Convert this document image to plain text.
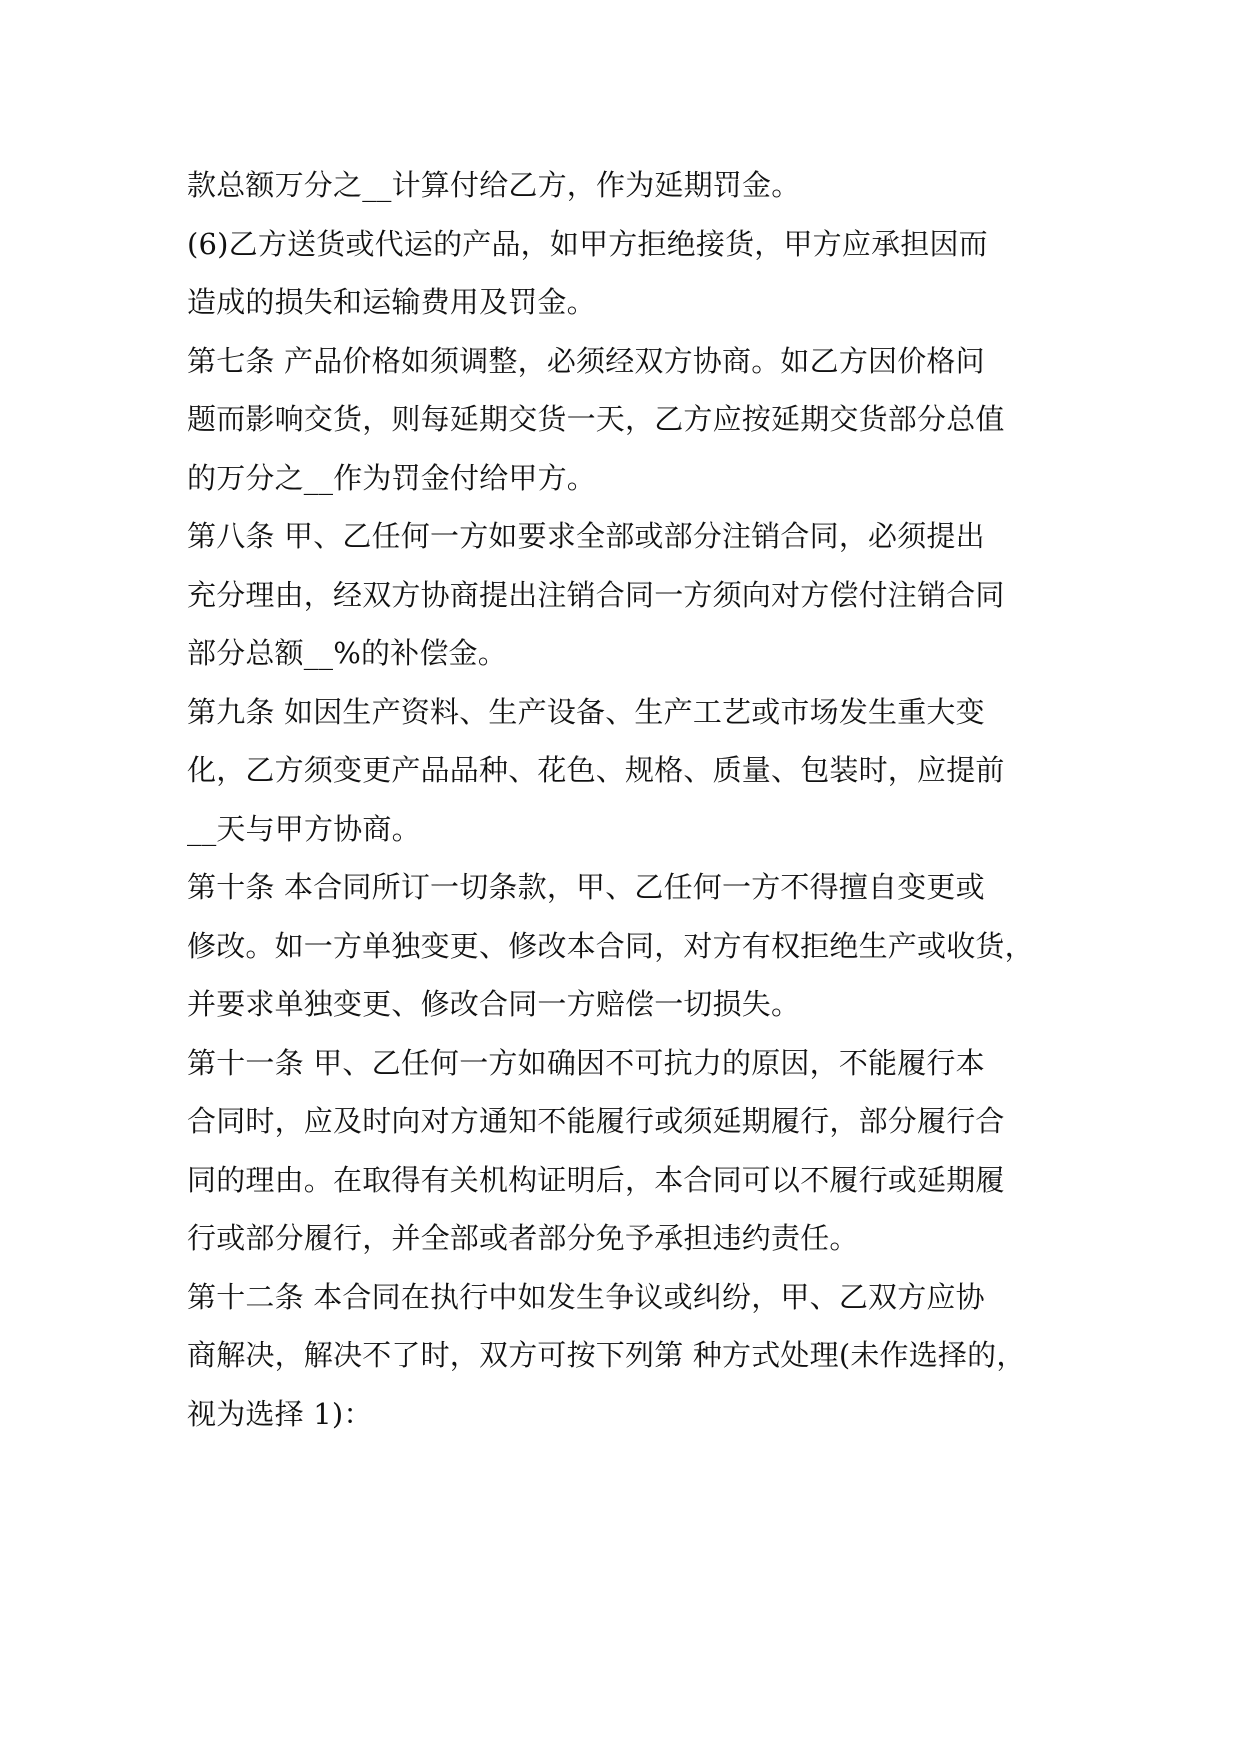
款总额万分之__计算付给乙方，作为延期罚金。
(6)乙方送货或代运的产品，如甲方拒绝接货，甲方应承担因而
造成的损失和运输费用及罚金。
第七条 产品价格如须调整，必须经双方协商。如乙方因价格问
题而影响交货，则每延期交货一天，乙方应按延期交货部分总值
的万分之__作为罚金付给甲方。
第八条 甲、乙任何一方如要求全部或部分注销合同，必须提出
充分理由，经双方协商提出注销合同一方须向对方偿付注销合同
部分总额__%的补偿金。
第九条 如因生产资料、生产设备、生产工艺或市场发生重大变
化，乙方须变更产品品种、花色、规格、质量、包装时，应提前
__天与甲方协商。
第十条 本合同所订一切条款，甲、乙任何一方不得擅自变更或
修改。如一方单独变更、修改本合同，对方有权拒绝生产或收货，
并要求单独变更、修改合同一方赔偿一切损失。
第十一条 甲、乙任何一方如确因不可抗力的原因，不能履行本
合同时，应及时向对方通知不能履行或须延期履行，部分履行合
同的理由。在取得有关机构证明后，本合同可以不履行或延期履
行或部分履行，并全部或者部分免予承担违约责任。
第十二条 本合同在执行中如发生争议或纠纷，甲、乙双方应协
商解决，解决不了时，双方可按下列第 种方式处理(未作选择的，
视为选择 1)：
